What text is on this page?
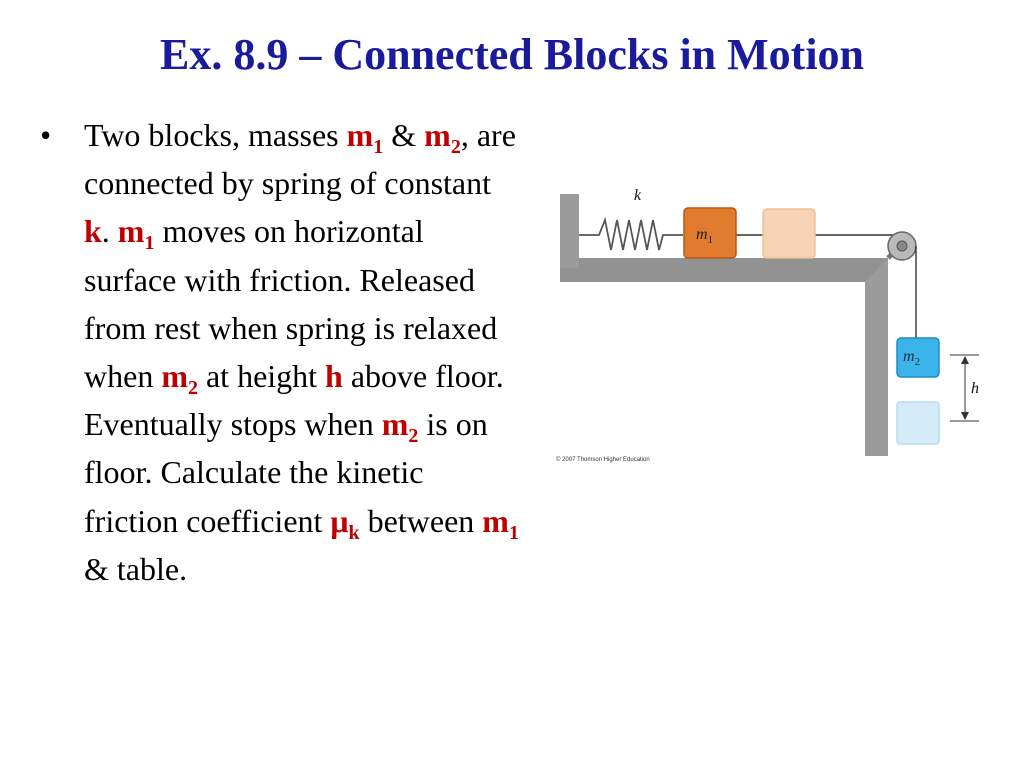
Ex. 8.9 – Connected Blocks in Motion
• Two blocks, masses $m_1$ & $m_2$, are connected by spring of constant k. $m_1$ moves on horizontal surface with friction. Released from rest when spring is relaxed when $m_2$ at height h above floor. Eventually stops when $m_2$ is on floor. Calculate the kinetic friction coefficient $\mu_k$ between $m_1$ & table.
k
$m_1$
$m_2$
h
© 2007 Thomson Higher Education
